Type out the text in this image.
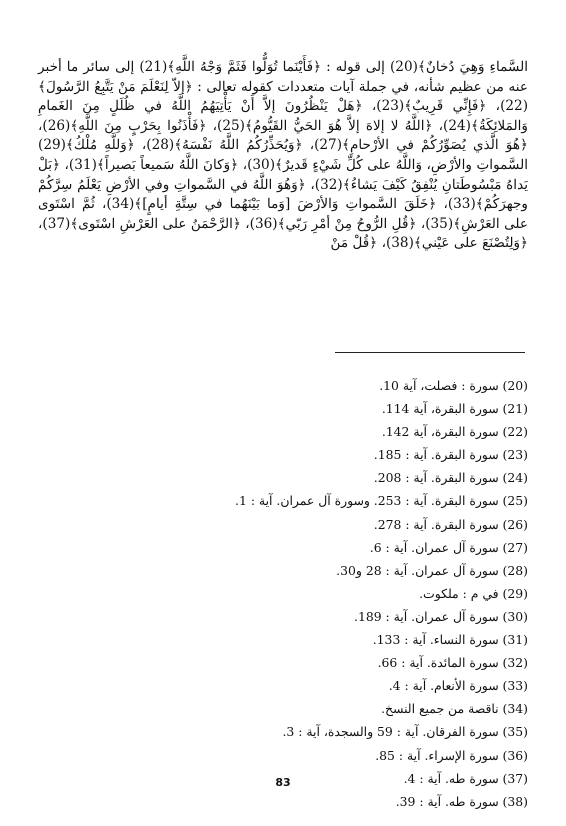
السَّماءِ وَهِيَ دُخانٌ﴾(20) إلى قوله : ﴿فَأَيْنَما تُوَلُّوا فَثَمَّ وَجْهُ اللَّهِ﴾(21) إلى سائر ما أخبر عنه من عظيم شأنه، في جملة آيات متعددات كقوله تعالى : ﴿إلاّ لِنَعْلَمَ مَنْ يَتَّبِعُ الرَّسُولَ﴾(22)، ﴿فَإِنِّي قَرِيبٌ﴾(23)، ﴿هَلْ يَنْظُرُونَ إلاَّ أَنْ يَأْتِيَهُمُ اللَّهُ في ظُلَلٍ مِنَ الغَمامِ وَالمَلائِكَةُ﴾(24)، ﴿اللَّهُ لا إلاهَ إلاَّ هُوَ الحَيُّ القَيُّومُ﴾(25)، ﴿فَأْذَنُوا بِحَرْبٍ مِنَ اللَّهِ﴾(26)، ﴿هُوَ الَّذي يُصَوِّرُكُمْ في الأرْحامِ﴾(27)، ﴿وَيُحَذِّرُكُمُ اللَّهُ نَفْسَهُ﴾(28)، ﴿وَللَّهِ مُلْكُ﴾(29) السَّمواتِ والأرْضِ، وَاللَّهُ على كُلِّ شَيْءٍ قَديرٌ﴾(30)، ﴿وَكانَ اللَّهُ سَميعاً بَصيراً﴾(31)، ﴿بَلْ يَداهُ مَبْسُوطَتانِ يُنْفِقُ كَيْفَ يَشاءُ﴾(32)، ﴿وَهُوَ اللَّهُ في السَّمواتِ وفي الأرْضِ يَعْلَمُ سِرَّكُمْ وجهرَكُمْ﴾(33)، ﴿خَلَقَ السَّمواتِ وَالأرْضَ [وَما بَيْنَهُما في سِتَّةِ أيامٍ]﴾(34)، ثُمَّ اسْتَوى على العَرْشِ﴾(35)، ﴿قُلِ الرُّوحُ مِنْ أمْرِ رَبّي﴾(36)، ﴿الرَّحْمَنُ على العَرْشِ اسْتَوى﴾(37)، ﴿وَلِتُصْنَعَ على عَيْني﴾(38)، ﴿قُلْ مَنْ
(20) سورة : فصلت، آية 10.
(21) سورة البقرة، آية 114.
(22) سورة البقرة، آية 142.
(23) سورة البقرة. آية : 185.
(24) سورة البقرة. آية : 208.
(25) سورة البقرة. آية : 253. وسورة آل عمران. آية : 1.
(26) سورة البقرة. آية : 278.
(27) سورة آل عمران. آية : 6.
(28) سورة آل عمران. آية : 28 و30.
(29) في م : ملكوت.
(30) سورة آل عمران. آية : 189.
(31) سورة النساء. آية : 133.
(32) سورة المائدة. آية : 66.
(33) سورة الأنعام. آية : 4.
(34) ناقصة من جميع النسخ.
(35) سورة الفرقان. آية : 59 والسجدة، آية : 3.
(36) سورة الإسراء. آية : 85.
(37) سورة طه. آية : 4.
(38) سورة طه. آية : 39.
83
